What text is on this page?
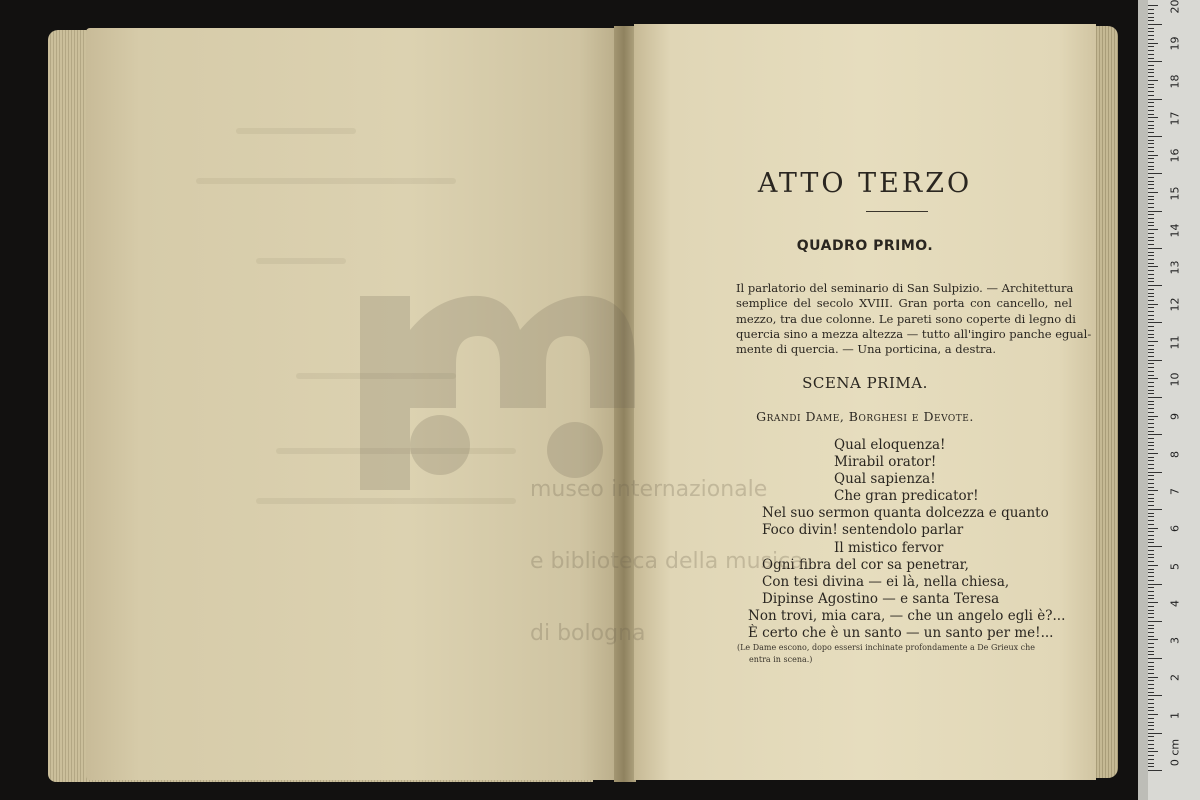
ATTO TERZO
QUADRO PRIMO.
Il parlatorio del seminario di San Sulpizio. — Architettura
semplice del secolo XVIII. Gran porta con cancello, nel
mezzo, tra due colonne. Le pareti sono coperte di legno di
quercia sino a mezza altezza — tutto all'ingiro panche egual-
mente di quercia. — Una porticina, a destra.
SCENA PRIMA.
Grandi Dame, Borghesi e Devote.
Qual eloquenza!
Mirabil orator!
Qual sapienza!
Che gran predicator!
Nel suo sermon quanta dolcezza e quanto
Foco divin! sentendolo parlar
Il mistico fervor
Ogni fibra del cor sa penetrar,
Con tesi divina — ei là, nella chiesa,
Dipinse Agostino — e santa Teresa
Non trovi, mia cara, — che un angelo egli è?...
È certo che è un santo — un santo per me!...
(Le Dame escono, dopo essersi inchinate profondamente a De Grieux che
entra in scena.)

museo internazionale

e biblioteca della musica

di bologna

0 cm
1
2
3
4
5
6
7
8
9
10
11
12
13
14
15
16
17
18
19
20
